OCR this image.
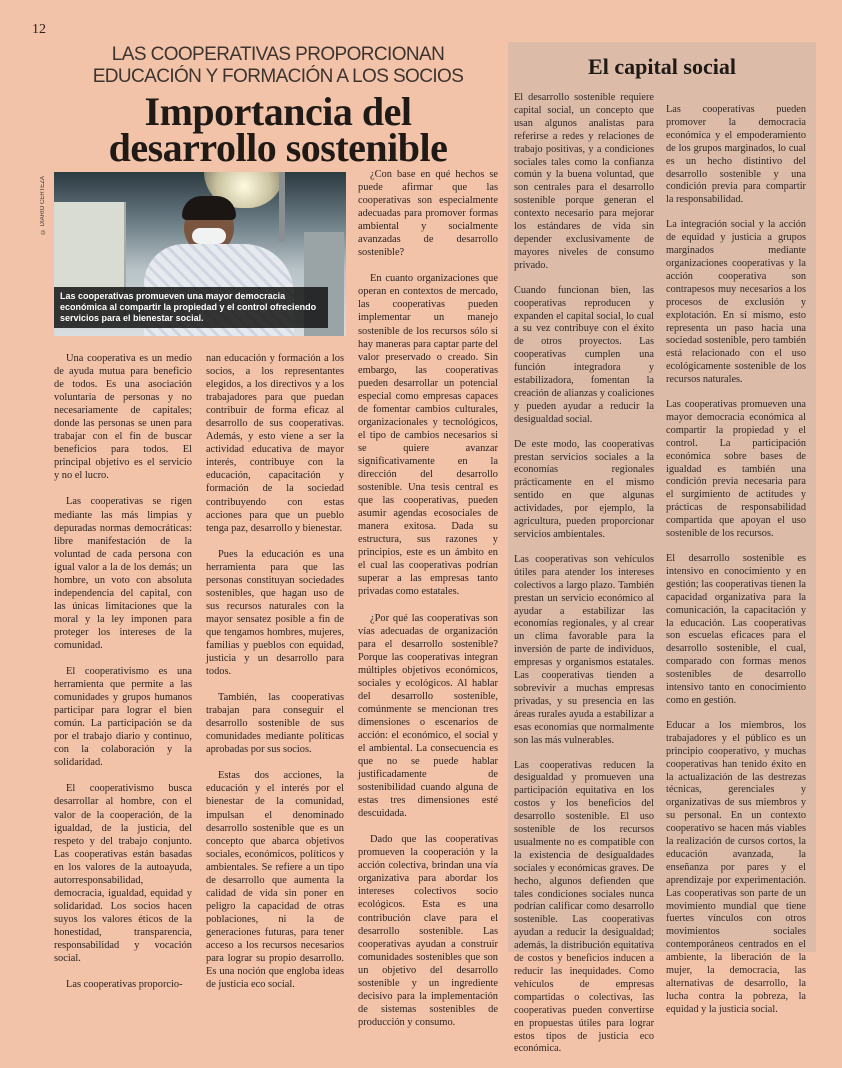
12
LAS COOPERATIVAS PROPORCIONAN EDUCACIÓN Y FORMACIÓN A LOS SOCIOS
Importancia del desarrollo sostenible
© DIARIO CERTEZA
Las cooperativas promueven una mayor democracia económica al compartir la propiedad y el control ofreciendo servicios para el bienestar social.

Una cooperativa es un medio de ayuda mutua para beneficio de todos. Es una asociación voluntaria de personas y no necesariamente de capitales; donde las personas se unen para trabajar con el fin de buscar beneficios para todos. El principal objetivo es el servicio y no el lucro.

Las cooperativas se rigen mediante las más limpias y depuradas normas democráticas: libre manifestación de la voluntad de cada persona con igual valor a la de los demás; un hombre, un voto con absoluta independencia del capital, con las únicas limitaciones que la moral y la ley imponen para proteger los intereses de la comunidad.

El cooperativismo es una herramienta que permite a las comunidades y grupos humanos participar para lograr el bien común. La participación se da por el trabajo diario y continuo, con la colaboración y la solidaridad.

El cooperativismo busca desarrollar al hombre, con el valor de la cooperación, de la igualdad, de la justicia, del respeto y del trabajo conjunto. Las cooperativas están basadas en los valores de la autoayuda, autorresponsabilidad, democracia, igualdad, equidad y solidaridad. Los socios hacen suyos los valores éticos de la honestidad, transparencia, responsabilidad y vocación social.

Las cooperativas proporcio-

nan educación y formación a los socios, a los representantes elegidos, a los directivos y a los trabajadores para que puedan contribuir de forma eficaz al desarrollo de sus cooperativas. Además, y esto viene a ser la actividad educativa de mayor interés, contribuye con la educación, capacitación y formación de la sociedad contribuyendo con estas acciones para que un pueblo tenga paz, desarrollo y bienestar.

Pues la educación es una herramienta para que las personas constituyan sociedades sostenibles, que hagan uso de sus recursos naturales con la mayor sensatez posible a fin de que tengamos hombres, mujeres, familias y pueblos con equidad, justicia y un desarrollo para todos.

También, las cooperativas trabajan para conseguir el desarrollo sostenible de sus comunidades mediante políticas aprobadas por sus socios.

Estas dos acciones, la educación y el interés por el bienestar de la comunidad, impulsan el denominado desarrollo sostenible que es un concepto que abarca objetivos sociales, económicos, políticos y ambientales. Se refiere a un tipo de desarrollo que aumenta la calidad de vida sin poner en peligro la capacidad de otras poblaciones, ni la de generaciones futuras, para tener acceso a los recursos necesarios para lograr su propio desarrollo. Es una noción que engloba ideas de justicia eco social.

¿Con base en qué hechos se puede afirmar que las cooperativas son especialmente adecuadas para promover formas ambiental y socialmente avanzadas de desarrollo sostenible?

En cuanto organizaciones que operan en contextos de mercado, las cooperativas pueden implementar un manejo sostenible de los recursos sólo si hay maneras para captar parte del valor preservado o creado. Sin embargo, las cooperativas pueden desarrollar un potencial especial como empresas capaces de fomentar cambios culturales, organizacionales y tecnológicos, el tipo de cambios necesarios si se quiere avanzar significativamente en la dirección del desarrollo sostenible. Una tesis central es que las cooperativas, pueden asumir agendas ecosociales de manera exitosa. Dada su estructura, sus razones y principios, este es un ámbito en el cual las cooperativas podrían superar a las empresas tanto privadas como estatales.

¿Por qué las cooperativas son vías adecuadas de organización para el desarrollo sostenible? Porque las cooperativas integran múltiples objetivos económicos, sociales y ecológicos. Al hablar del desarrollo sostenible, comúnmente se mencionan tres dimensiones o escenarios de acción: el económico, el social y el ambiental. La consecuencia es que no se puede hablar justificadamente de sostenibilidad cuando alguna de estas tres dimensiones esté descuidada.

Dado que las cooperativas promueven la cooperación y la acción colectiva, brindan una vía organizativa para abordar los intereses colectivos socio ecológicos. Esta es una contribución clave para el desarrollo sostenible. Las cooperativas ayudan a construir comunidades sostenibles que son un objetivo del desarrollo sostenible y un ingrediente decisivo para la implementación de sistemas sostenibles de producción y consumo.

El capital social

El desarrollo sostenible requiere capital social, un concepto que usan algunos analistas para referirse a redes y relaciones de trabajo positivas, y a condiciones sociales tales como la confianza común y la buena voluntad, que son centrales para el desarrollo sostenible porque generan el contexto necesario para mejorar los estándares de vida sin depender exclusivamente de mayores niveles de consumo privado.

Cuando funcionan bien, las cooperativas reproducen y expanden el capital social, lo cual a su vez contribuye con el éxito de otros proyectos. Las cooperativas cumplen una función integradora y estabilizadora, fomentan la creación de alianzas y coaliciones y pueden ayudar a reducir la desigualdad social.

De este modo, las cooperativas prestan servicios sociales a la economías regionales prácticamente en el mismo sentido en que algunas actividades, por ejemplo, la agricultura, pueden proporcionar servicios ambientales.

Las cooperativas son vehículos útiles para atender los intereses colectivos a largo plazo. También prestan un servicio económico al ayudar a estabilizar las economías regionales, y al crear un clima favorable para la inversión de parte de individuos, empresas y organismos estatales. Las cooperativas tienden a sobrevivir a muchas empresas privadas, y su presencia en las áreas rurales ayuda a estabilizar a esas economías que normalmente son las más vulnerables.

Las cooperativas reducen la desigualdad y promueven una participación equitativa en los costos y los beneficios del desarrollo sostenible. El uso sostenible de los recursos usualmente no es compatible con la existencia de desigualdades sociales y económicas graves. De hecho, algunos defienden que tales condiciones sociales nunca podrían calificar como desarrollo sostenible. Las cooperativas ayudan a reducir la desigualdad; además, la distribución equitativa de costos y beneficios inducen a reducir las inequidades. Como vehículos de empresas compartidas o colectivas, las cooperativas pueden convertirse en propuestas útiles para lograr estos tipos de justicia eco económica.

Las cooperativas pueden promover la democracia económica y el empoderamiento de los grupos marginados, lo cual es un hecho distintivo del desarrollo sostenible y una condición previa para compartir la responsabilidad.

La integración social y la acción de equidad y justicia a grupos marginados mediante organizaciones cooperativas y la acción cooperativa son contrapesos muy necesarios a los procesos de exclusión y explotación. En sí mismo, esto representa un paso hacia una sociedad sostenible, pero también está relacionado con el uso ecológicamente sostenible de los recursos naturales.

Las cooperativas promueven una mayor democracia económica al compartir la propiedad y el control. La participación económica sobre bases de igualdad es también una condición previa necesaria para el surgimiento de actitudes y prácticas de responsabilidad compartida que apoyan el uso sostenible de los recursos.

El desarrollo sostenible es intensivo en conocimiento y en gestión; las cooperativas tienen la capacidad organizativa para la comunicación, la capacitación y la educación. Las cooperativas son escuelas eficaces para el desarrollo sostenible, el cual, comparado con formas menos sostenibles de desarrollo intensivo tanto en conocimiento como en gestión.

Educar a los miembros, los trabajadores y el público es un principio cooperativo, y muchas cooperativas han tenido éxito en la actualización de las destrezas técnicas, gerenciales y organizativas de sus miembros y su personal. En un contexto cooperativo se hacen más viables la realización de cursos cortos, la educación avanzada, la enseñanza por pares y el aprendizaje por experimentación. Las cooperativas son parte de un movimiento mundial que tiene fuertes vínculos con otros movimientos sociales contemporáneos centrados en el ambiente, la liberación de la mujer, la democracia, las alternativas de desarrollo, la lucha contra la pobreza, la equidad y la justicia social.
